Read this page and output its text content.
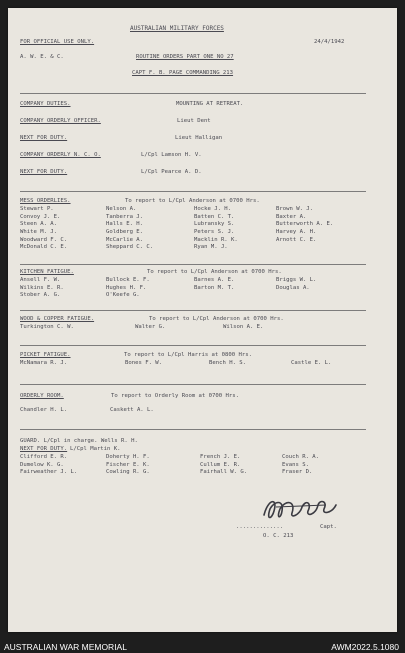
AUSTRALIAN MILITARY FORCES
FOR OFFICIAL USE ONLY.	24/4/1942
A. W. E. & C.	ROUTINE ORDERS PART ONE NO 27
CAPT F. B. PAGE COMMANDING 213
COMPANY DUTIES.	MOUNTING AT RETREAT.
COMPANY ORDERLY OFFICER.	Lieut Dent
NEXT FOR DUTY.	Lieut Halligan
COMPANY ORDERLY N. C. O.	L/Cpl Lamson H. V.
NEXT FOR DUTY.	L/Cpl Pearce A. D.
MESS ORDERLIES.	To report to L/Cpl Anderson at 0700 Hrs.
Stewart P.	Nelson A.	Hocke J. H.	Brown W. J.
Convoy J. E.	Tanberra J.	Batten C. T.	Baxter A.
Steen A. A.	Halls E. H.	Lubransky S.	Butterworth A. E.
White M. J.	Goldberg E.	Peters S. J.	Harvey A. H.
Woodward F. C.	McCarlie A.	Macklin R. K.	Arnott C. E.
McDonald C. E.	Sheppard C. C.	Ryan M. J.
KITCHEN FATIGUE.	To report to L/Cpl Anderson at 0700 Hrs.
Ansell F. W.	Bullock E. F.	Barnes A. E.	Briggs W. L.
Wilkins E. R.	Hughes H. F.	Barton M. T.	Douglas A.
Stober A. G.	O'Keefe G.
WOOD & COPPER FATIGUE.	To report to L/Cpl Anderson at 0700 Hrs.
Turkington C. W.	Walter G.	Wilson A. E.
PICKET FATIGUE.	To report to L/Cpl Harris at 0800 Hrs.
McNamara R. J.	Bones F. W.	Bench H. S.	Castle E. L.
ORDERLY ROOM.	To report to Orderly Room at 0700 Hrs.
Chandler H. L.	Caskett A. L.
GUARD. L/Cpl in charge. Wells R. H.
NEXT FOR DUTY. L/Cpl Martin K.
Clifford E. R.	Doherty H. F.	French J. E.	Couch R. A.
Dumelow K. G.	Fischer E. K.	Cullum E. R.	Evans S.
Fairweather J. L.	Cowling R. G.	Fairhall W. G.	Fraser D.
..............	Capt.
O. C. 213
AUSTRALIAN WAR MEMORIAL	AWM2022.5.1080
